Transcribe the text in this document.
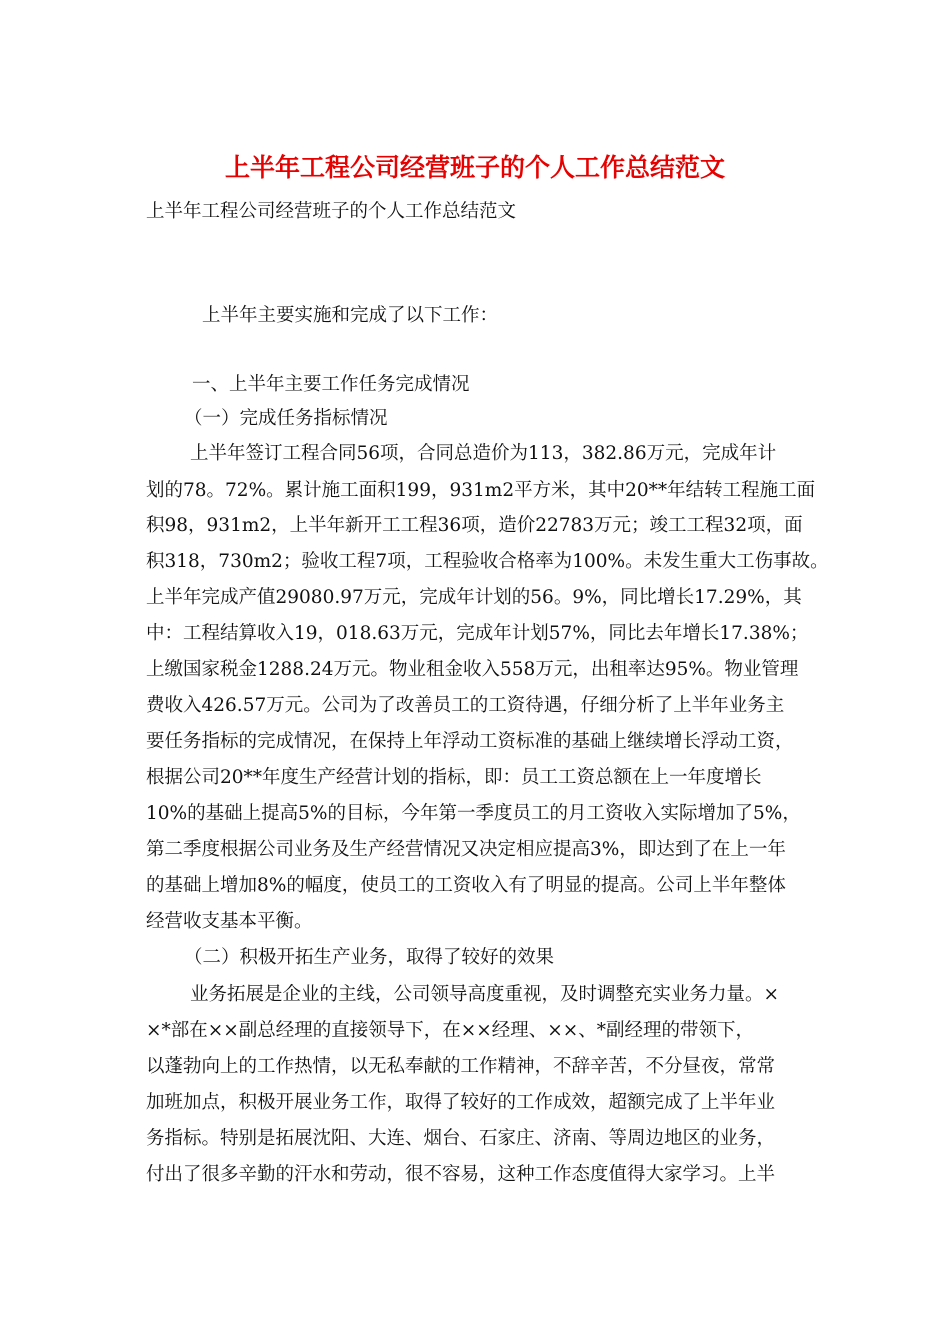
上半年工程公司经营班子的个人工作总结范文
上半年工程公司经营班子的个人工作总结范文
上半年主要实施和完成了以下工作：
一、上半年主要工作任务完成情况
（一）完成任务指标情况
上半年签订工程合同56项，合同总造价为113，382.86万元，完成年计
划的78。72%。累计施工面积199，931m2平方米，其中20**年结转工程施工面
积98，931m2，上半年新开工工程36项，造价22783万元；竣工工程32项，面
积318，730m2；验收工程7项，工程验收合格率为100%。未发生重大工伤事故。
上半年完成产值29080.97万元，完成年计划的56。9%，同比增长17.29%，其
中：工程结算收入19，018.63万元，完成年计划57%，同比去年增长17.38%；
上缴国家税金1288.24万元。物业租金收入558万元，出租率达95%。物业管理
费收入426.57万元。公司为了改善员工的工资待遇，仔细分析了上半年业务主
要任务指标的完成情况，在保持上年浮动工资标准的基础上继续增长浮动工资，
根据公司20**年度生产经营计划的指标，即：员工工资总额在上一年度增长
10%的基础上提高5%的目标，今年第一季度员工的月工资收入实际增加了5%，
第二季度根据公司业务及生产经营情况又决定相应提高3%，即达到了在上一年
的基础上增加8%的幅度，使员工的工资收入有了明显的提高。公司上半年整体
经营收支基本平衡。
（二）积极开拓生产业务，取得了较好的效果
业务拓展是企业的主线，公司领导高度重视，及时调整充实业务力量。×
×*部在××副总经理的直接领导下，在××经理、××、*副经理的带领下，
以蓬勃向上的工作热情，以无私奉献的工作精神，不辞辛苦，不分昼夜，常常
加班加点，积极开展业务工作，取得了较好的工作成效，超额完成了上半年业
务指标。特别是拓展沈阳、大连、烟台、石家庄、济南、等周边地区的业务，
付出了很多辛勤的汗水和劳动，很不容易，这种工作态度值得大家学习。上半
